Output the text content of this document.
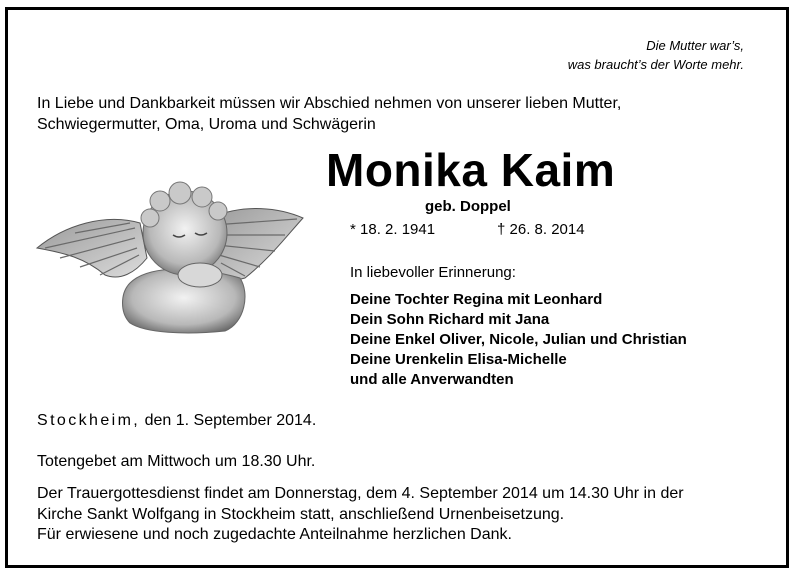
Die Mutter war’s,
was braucht’s der Worte mehr.
In Liebe und Dankbarkeit müssen wir Abschied nehmen von unserer lieben Mutter,
Schwiegermutter, Oma, Uroma und Schwägerin
Monika Kaim
geb. Doppel
* 18. 2. 1941	† 26. 8. 2014
In liebevoller Erinnerung:
Deine Tochter Regina mit Leonhard
Dein Sohn Richard mit Jana
Deine Enkel Oliver, Nicole, Julian und Christian
Deine Urenkelin Elisa-Michelle
und alle Anverwandten
Stockheim, den 1. September 2014.
Totengebet am Mittwoch um 18.30 Uhr.
Der Trauergottesdienst findet am Donnerstag, dem 4. September 2014 um 14.30 Uhr in der
Kirche Sankt Wolfgang in Stockheim statt, anschließend Urnenbeisetzung.
Für erwiesene und noch zugedachte Anteilnahme herzlichen Dank.
